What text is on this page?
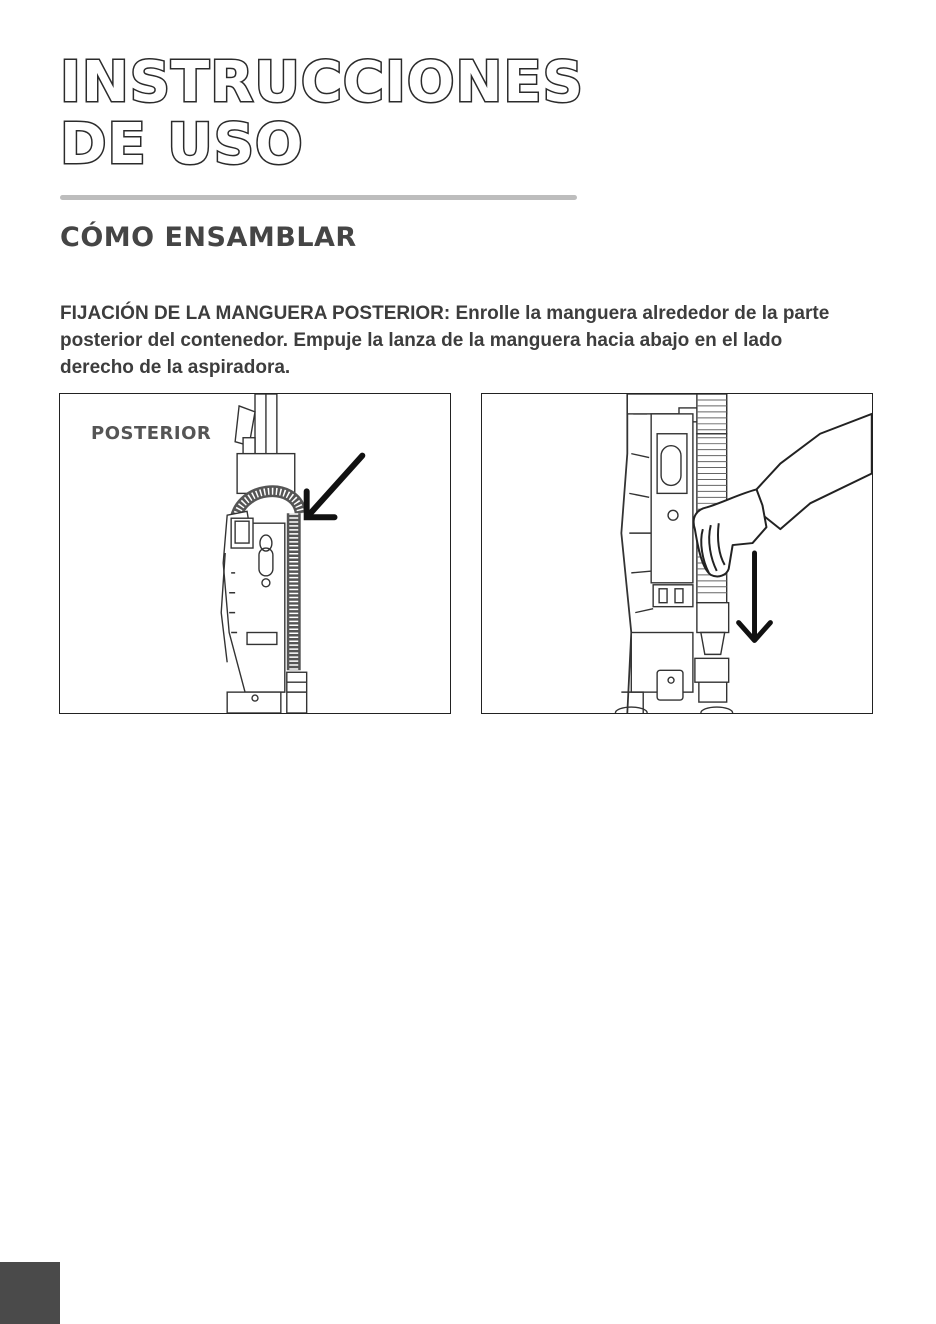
INSTRUCCIONES
DE USO
CÓMO ENSAMBLAR

FIJACIÓN DE LA MANGUERA POSTERIOR: Enrolle la manguera alrededor de la parte posterior del contenedor. Empuje la lanza de la manguera hacia abajo en el lado derecho de la aspiradora.

POSTERIOR
